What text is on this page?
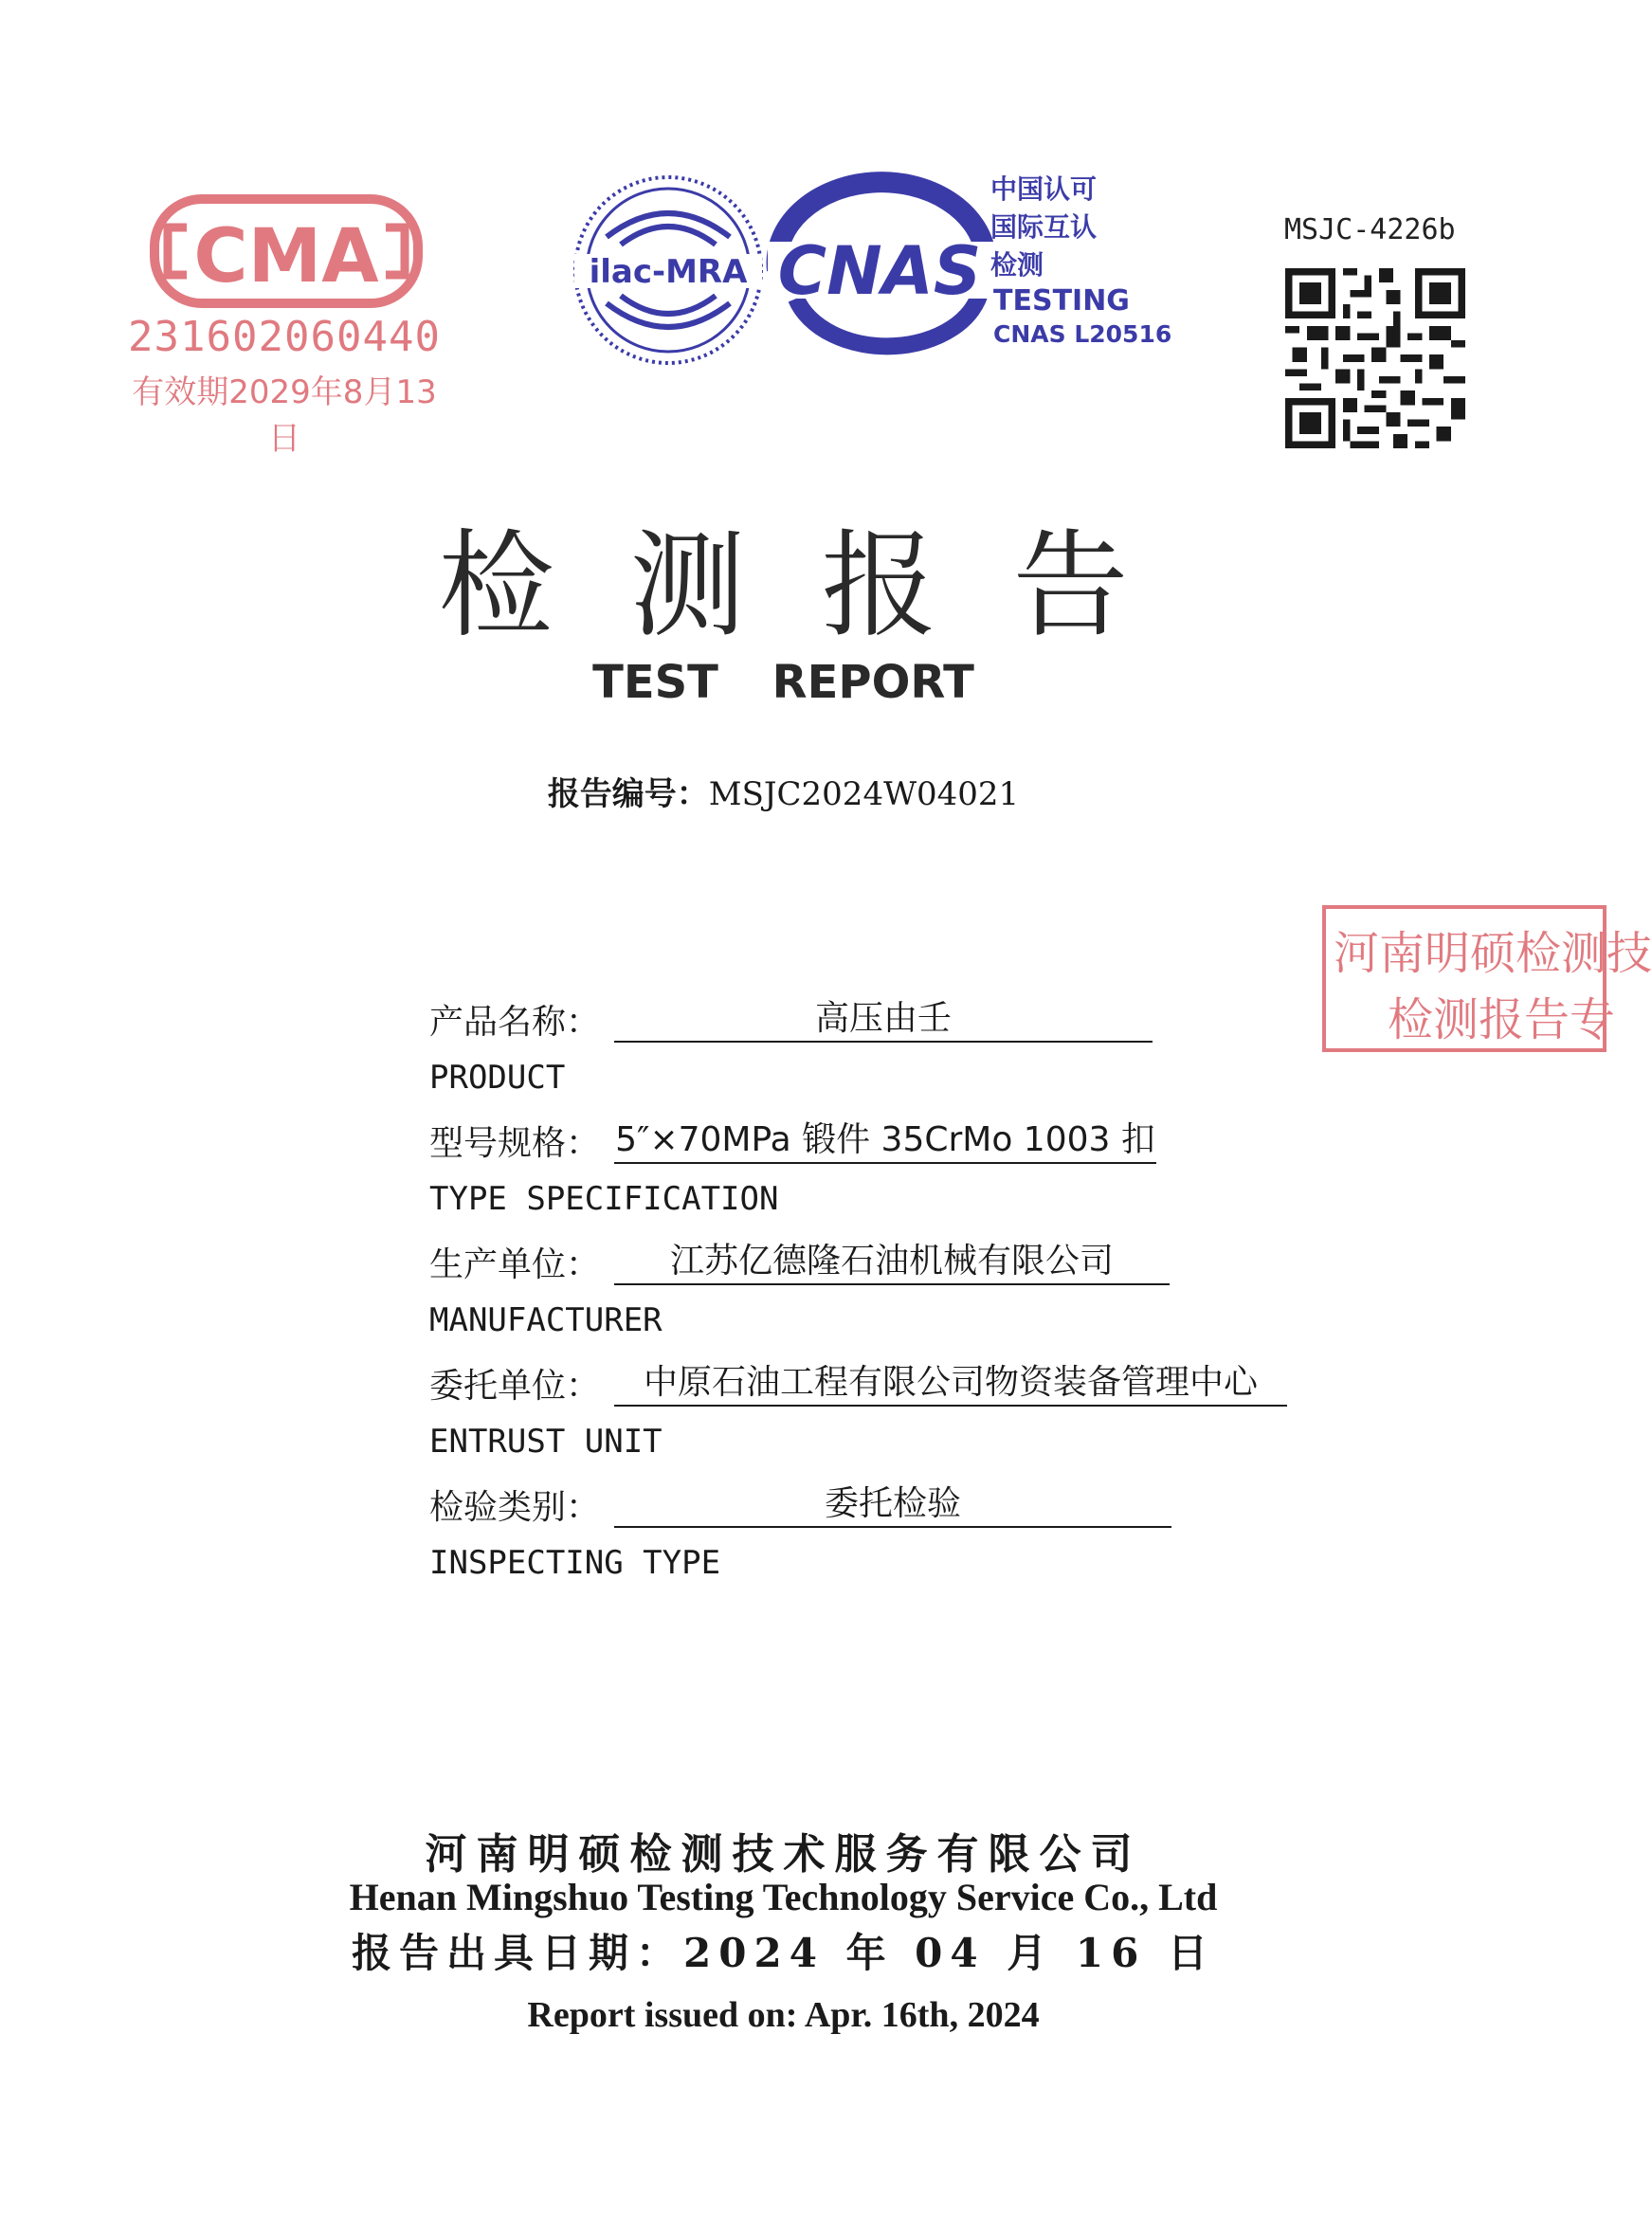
CMA
231602060440
有效期2029年8月13日
ilac-MRA CNAS
中国认可
国际互认
检测
TESTING
CNAS L20516
MSJC-4226b
检测报告
TEST REPORT
报告编号：MSJC2024W04021
河南明硕检测技
检测报告专
产品名称：	高压由壬
PRODUCT
型号规格： 5″×70MPa 锻件 35CrMo 1003 扣
TYPE SPECIFICATION
生产单位：	江苏亿德隆石油机械有限公司
MANUFACTURER
委托单位：	中原石油工程有限公司物资装备管理中心
ENTRUST UNIT
检验类别：	委托检验
INSPECTING TYPE
河南明硕检测技术服务有限公司
Henan Mingshuo Testing Technology Service Co., Ltd
报告出具日期：2024 年 04 月 16 日
Report issued on: Apr. 16th, 2024
